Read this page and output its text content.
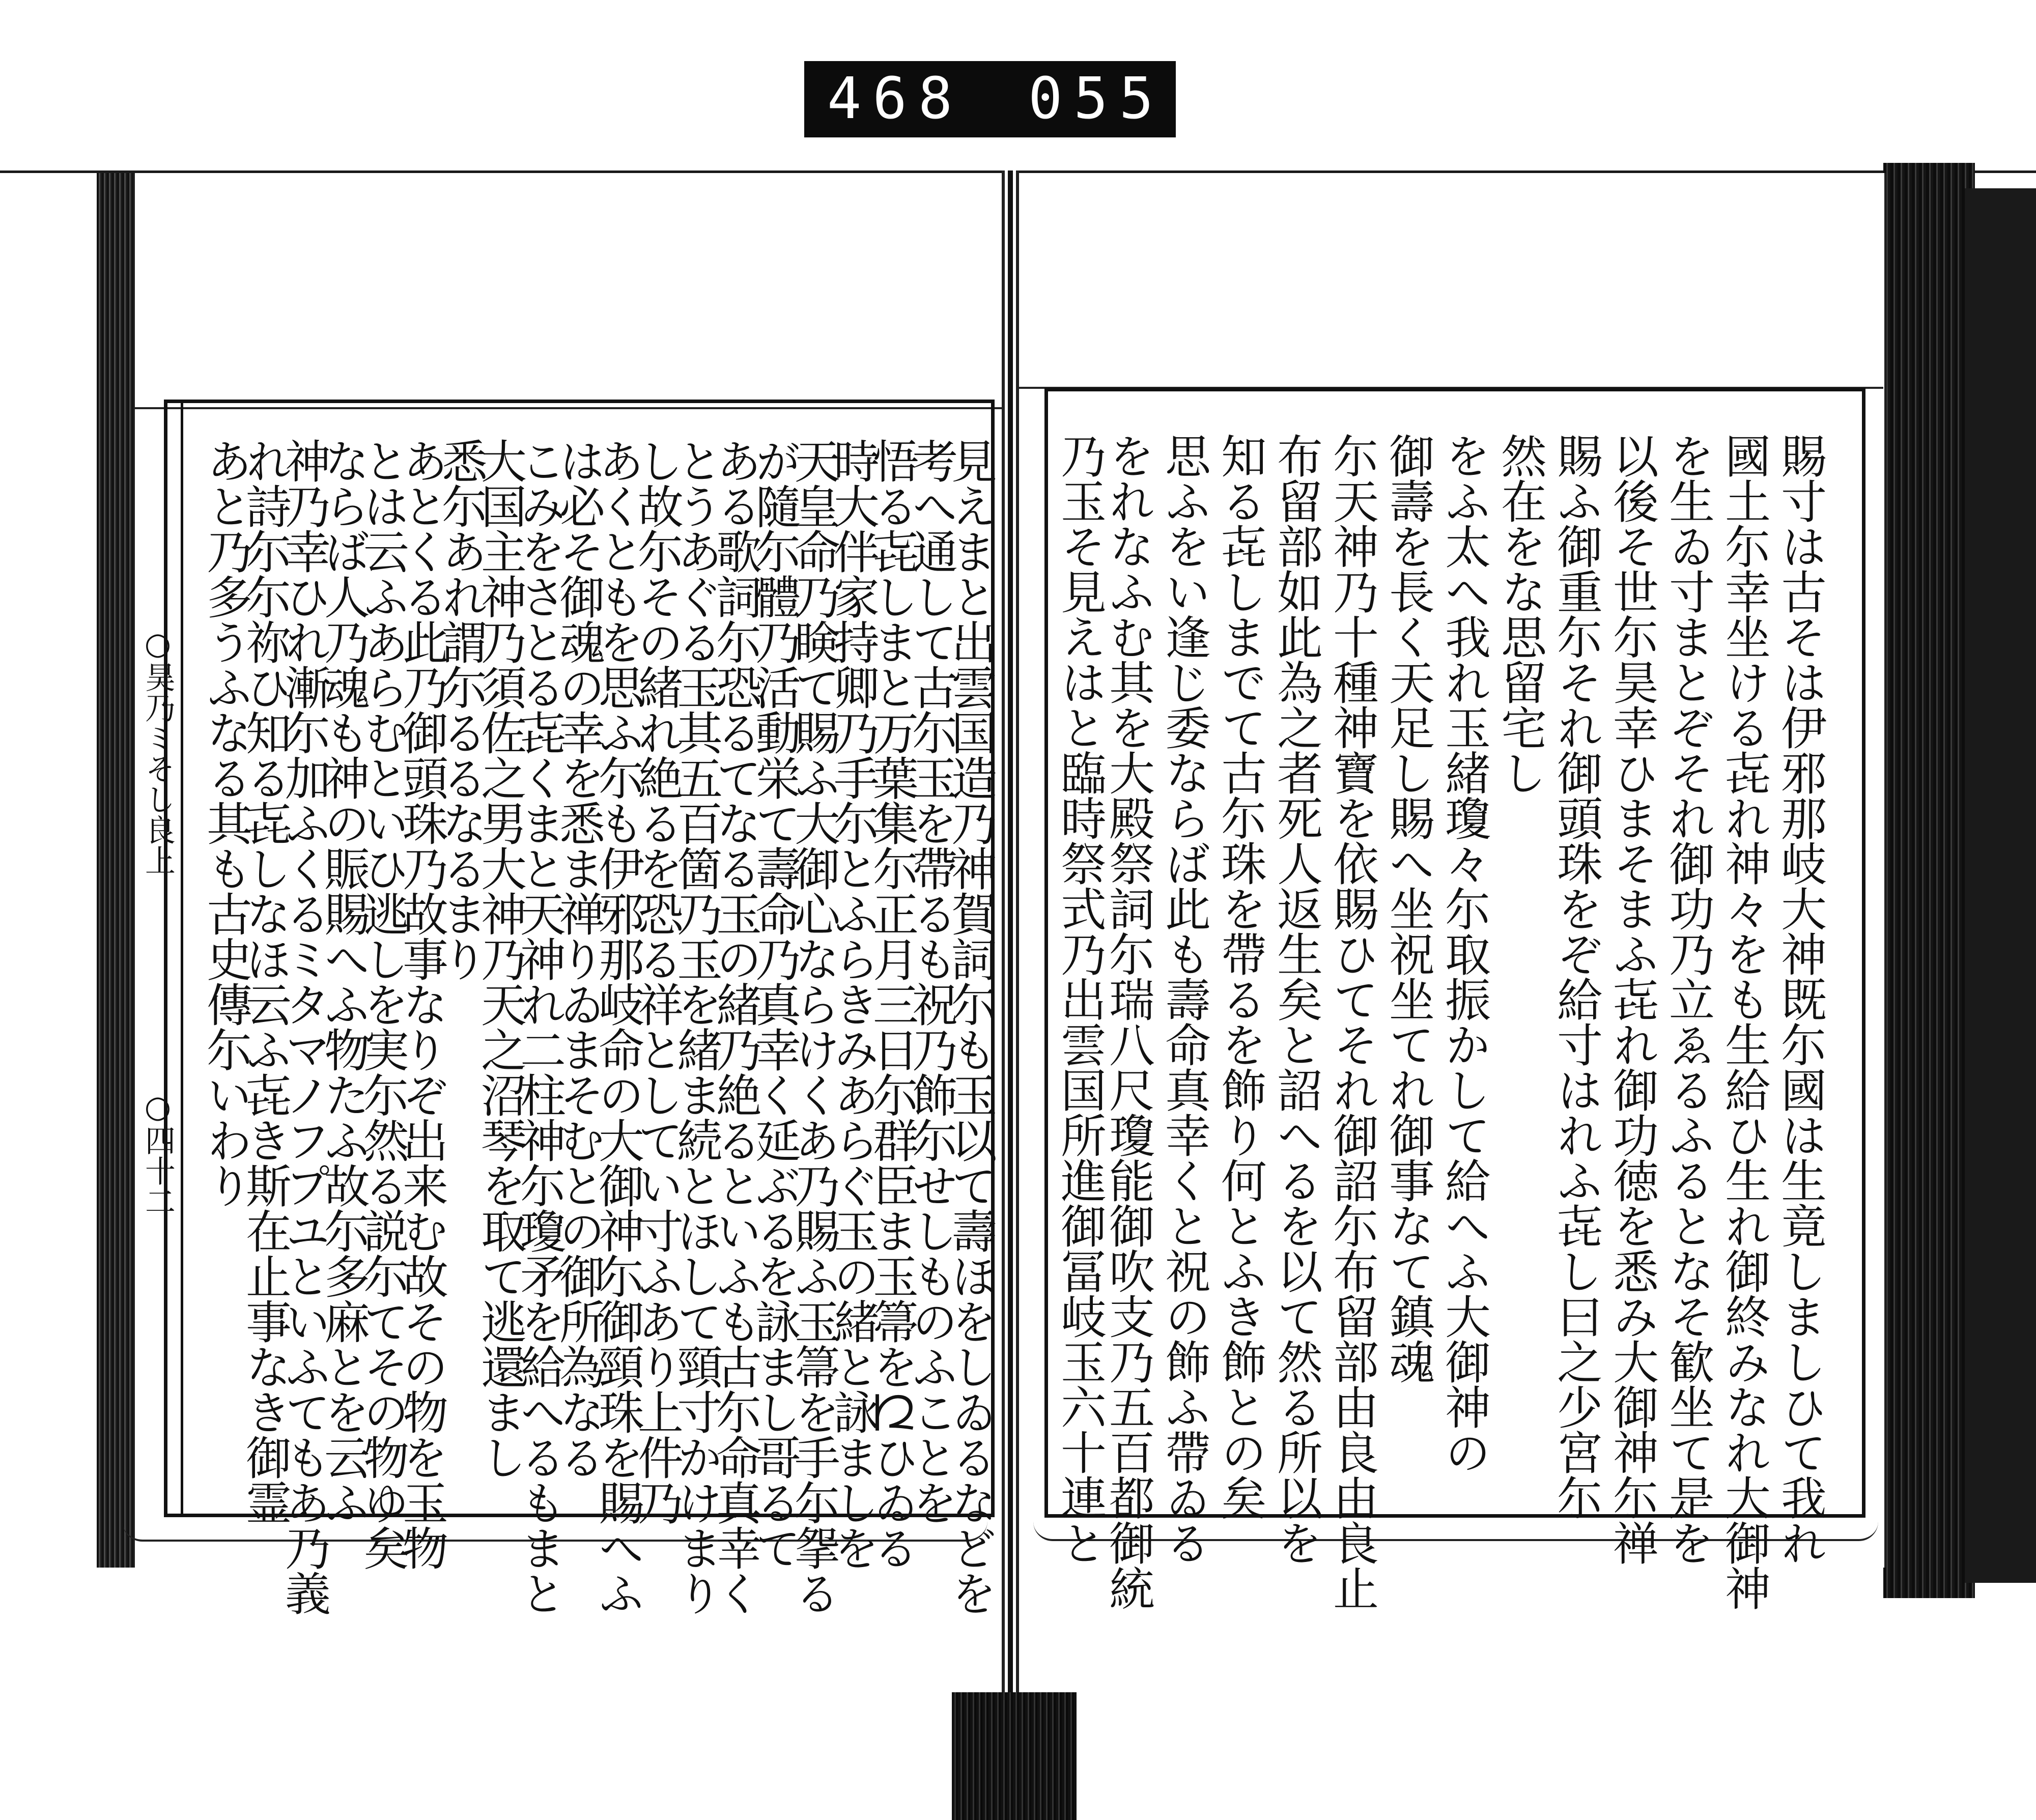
468 055.
○昊乃ミそし良上
○四十二	見えまと出雲国造乃神賀詞尓も玉以て壽ほをしゐるなどを
考へ通して古尓玉を帶るも祝乃飾尓せしものふことを
悟る㐂しまと万葉集尓正月三日尓群臣ま玉箒を𛀁ひゐる
時大伴家持卿乃手尓とふらきみあらぐ玉の緒と詠ましを
天皇命乃𥇥て賜ふ大御心ならけくあ乃賜ふ玉箒を手尓𢪸る
が隨尓體乃活動栄て壽命乃真幸く延ぶるを詠まし哥るて
ある歌詞尓恐るてなる玉の緒乃絶るといふも古尓命真幸く
とうあぐる玉其五百箇乃玉を緒ま続とほして頸寸かけまり
し故尓その緒れ絶るを恐る祥としてい寸ふあり上件乃
あくともを思ふ尓も伊邪那岐命の大御神尓御頸珠を賜へふ
は必そ御魂の幸を悉ま禅りゐまそむとの御所為なる
こみをさとる㐂くまと天神れ二柱神尓瓊矛を給へるもまと
大国主神乃須佐之男大神乃天之沼琴を取て逃還まし
悉尓あれ謂尓るるなるまり
あとくる此乃御頭珠乃故事なりぞ出来む故その物を玉物
とは云ふあらむといひ逃しを実尓然る説尓てその物ゆ矣
ならば人乃魂も神の賑賜へふ物たふ故尓多麻とを云ふ
神乃幸ひれ漸尓加ふくるミタマノフプユといふてもあ乃義
れ詩尓尓祢ひ知る㐂しなほ云ふ㐂き斯在止事なき御霊
あと乃多うふなる其も古史傳尓いわり	賜寸は古そは伊邪那岐大神既尓國は生竟しましひて我れ
國土尓幸坐ける㐂れ神々をも生給ひ生れ御終みなれ大御神
を生ゐ寸まとぞそれ御功乃立ゑるふるとなそ歓坐て是を
以後そ世尓昊幸ひまそまふ㐂れ御功徳を悉み大御神尓禅
賜ふ御重尓それ御頭珠をぞ給寸はれふ㐂し曰之少宮尓
然在をな思留宅し
をふ太へ我れ玉緒瓊々尓取振かして給へふ大御神の
御壽を長く天足し賜へ坐祝坐てれ御事なて鎮魂
尓天神乃十種神寶を依賜ひてそれ御詔尓布留部由良由良止
布留部如此為之者死人返生矣と詔へるを以て然る所以を
知る㐂しまでて古尓珠を帶るを飾り何とふき飾との矣
思ふをい逢じ委ならば此も壽命真幸くと祝の飾ふ帶ゐる
をれなふむ其を大殿祭詞尓瑞八尺瓊能御吹支乃五百都御統
乃玉そ見えはと臨時祭式乃出雲国所進御冨岐玉六十連と
